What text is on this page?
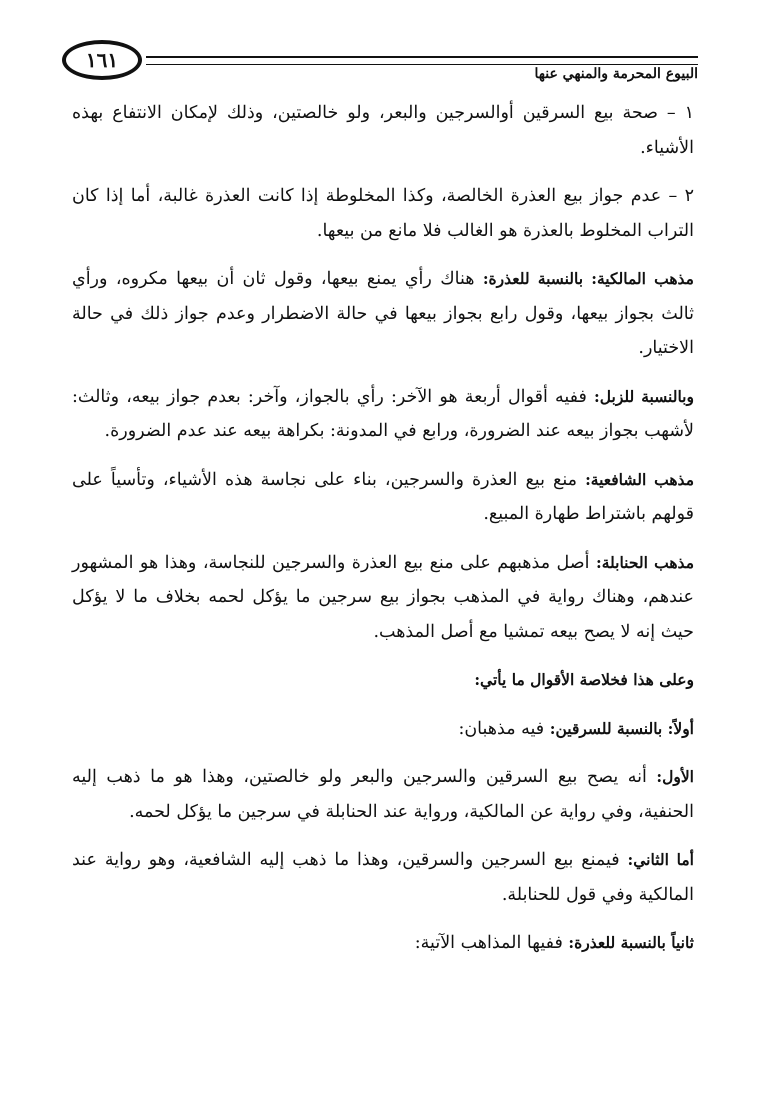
١٦١
البيوع المحرمة والمنهي عنها

١ – صحة بيع السرقين أوالسرجين والبعر، ولو خالصتين، وذلك لإمكان الانتفاع بهذه الأشياء.

٢ – عدم جواز بيع العذرة الخالصة، وكذا المخلوطة إذا كانت العذرة غالبة، أما إذا كان التراب المخلوط بالعذرة هو الغالب فلا مانع من بيعها.

مذهب المالكية: بالنسبة للعذرة: هناك رأي يمنع بيعها، وقول ثان أن بيعها مكروه، ورأي ثالث بجواز بيعها، وقول رابع بجواز بيعها في حالة الاضطرار وعدم جواز ذلك في حالة الاختيار.

وبالنسبة للزبل: ففيه أقوال أربعة هو الآخر: رأي بالجواز، وآخر: بعدم جواز بيعه، وثالث: لأشهب بجواز بيعه عند الضرورة، ورابع في المدونة: بكراهة بيعه عند عدم الضرورة.

مذهب الشافعية: منع بيع العذرة والسرجين، بناء على نجاسة هذه الأشياء، وتأسياً على قولهم باشتراط طهارة المبيع.

مذهب الحنابلة: أصل مذهبهم على منع بيع العذرة والسرجين للنجاسة، وهذا هو المشهور عندهم، وهناك رواية في المذهب بجواز بيع سرجين ما يؤكل لحمه بخلاف ما لا يؤكل حيث إنه لا يصح بيعه تمشيا مع أصل المذهب.

وعلى هذا فخلاصة الأقوال ما يأتي:

أولاً: بالنسبة للسرقين: فيه مذهبان:

الأول: أنه يصح بيع السرقين والسرجين والبعر ولو خالصتين، وهذا هو ما ذهب إليه الحنفية، وفي رواية عن المالكية، ورواية عند الحنابلة في سرجين ما يؤكل لحمه.

أما الثاني: فيمنع بيع السرجين والسرقين، وهذا ما ذهب إليه الشافعية، وهو رواية عند المالكية وفي قول للحنابلة.

ثانياً بالنسبة للعذرة: ففيها المذاهب الآتية:
